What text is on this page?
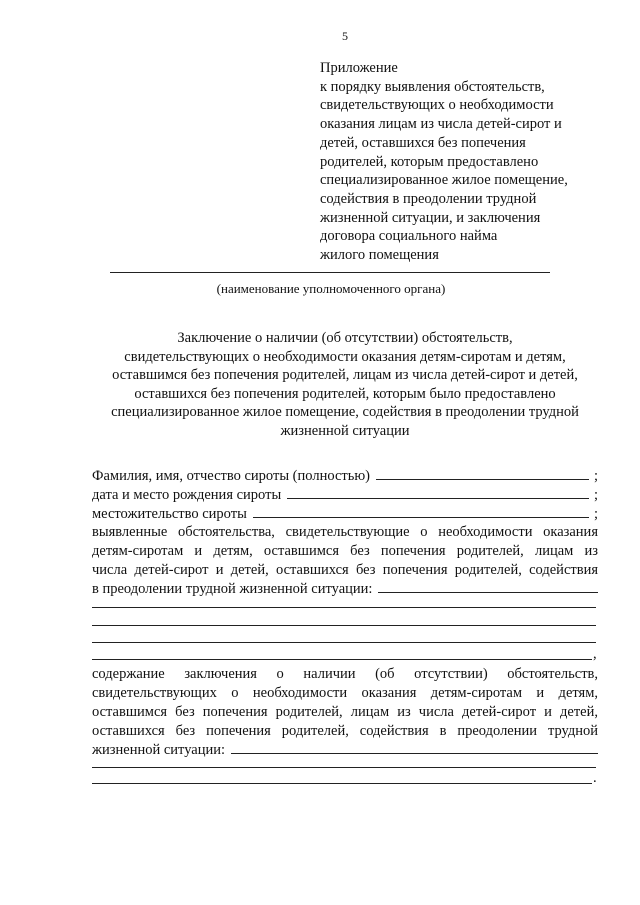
5
Приложение
к порядку выявления обстоятельств,
свидетельствующих о необходимости
оказания лицам из числа детей-сирот и
детей, оставшихся без попечения
родителей, которым предоставлено
специализированное жилое помещение,
содействия в преодолении трудной
жизненной ситуации, и заключения
договора социального найма
жилого помещения
(наименование уполномоченного органа)
Заключение о наличии (об отсутствии) обстоятельств,
свидетельствующих о необходимости оказания детям-сиротам и детям,
оставшимся без попечения родителей, лицам из числа детей-сирот и детей,
оставшихся без попечения родителей, которым было предоставлено
специализированное жилое помещение, содействия в преодолении трудной
жизненной ситуации
Фамилия, имя, отчество сироты (полностью)	;
дата и место рождения сироты	;
местожительство сироты	;
выявленные обстоятельства, свидетельствующие о необходимости оказания
детям-сиротам и детям, оставшимся без попечения родителей, лицам из
числа детей-сирот и детей, оставшихся без попечения родителей, содействия
в преодолении трудной жизненной ситуации:
,
содержание заключения о наличии (об отсутствии) обстоятельств,
свидетельствующих о необходимости оказания детям-сиротам и детям,
оставшимся без попечения родителей, лицам из числа детей-сирот и детей,
оставшихся без попечения родителей, содействия в преодолении трудной
жизненной ситуации:
.
